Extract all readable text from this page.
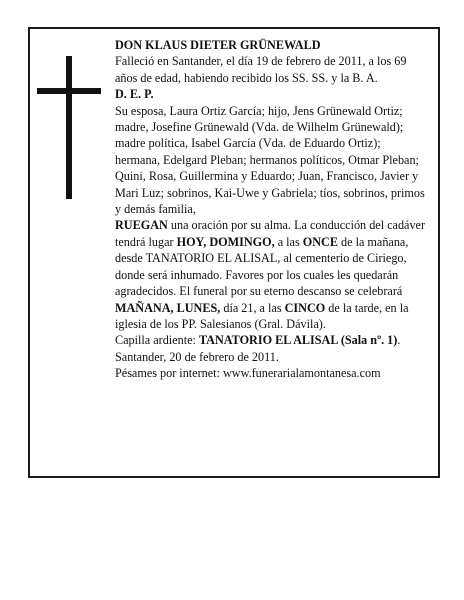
DON KLAUS DIETER GRÜNEWALD

Falleció en Santander, el día 19 de febrero de 2011, a los 69 años de edad, habiendo recibido los SS. SS. y la B. A.

D. E. P.

Su esposa, Laura Ortiz García; hijo, Jens Grünewald Ortiz; madre, Josefine Grünewald (Vda. de Wilhelm Grünewald); madre política, Isabel García (Vda. de Eduardo Ortiz); hermana, Edelgard Pleban; hermanos políticos, Otmar Pleban; Quini, Rosa, Guillermina y Eduardo; Juan, Francisco, Javier y Mari Luz; sobrinos, Kai-Uwe y Gabriela; tíos, sobrinos, primos y demás familia,

RUEGAN una oración por su alma. La conducción del cadáver tendrá lugar HOY, DOMINGO, a las ONCE de la mañana, desde TANATORIO EL ALISAL, al cementerio de Ciriego, donde será inhumado. Favores por los cuales les quedarán agradecidos. El funeral por su eterno descanso se celebrará MAÑANA, LUNES, día 21, a las CINCO de la tarde, en la iglesia de los PP. Salesianos (Gral. Dávila).

Capilla ardiente: TANATORIO EL ALISAL (Sala nº. 1).

Santander, 20 de febrero de 2011.

Pésames por internet: www.funerarialamontanesa.com
